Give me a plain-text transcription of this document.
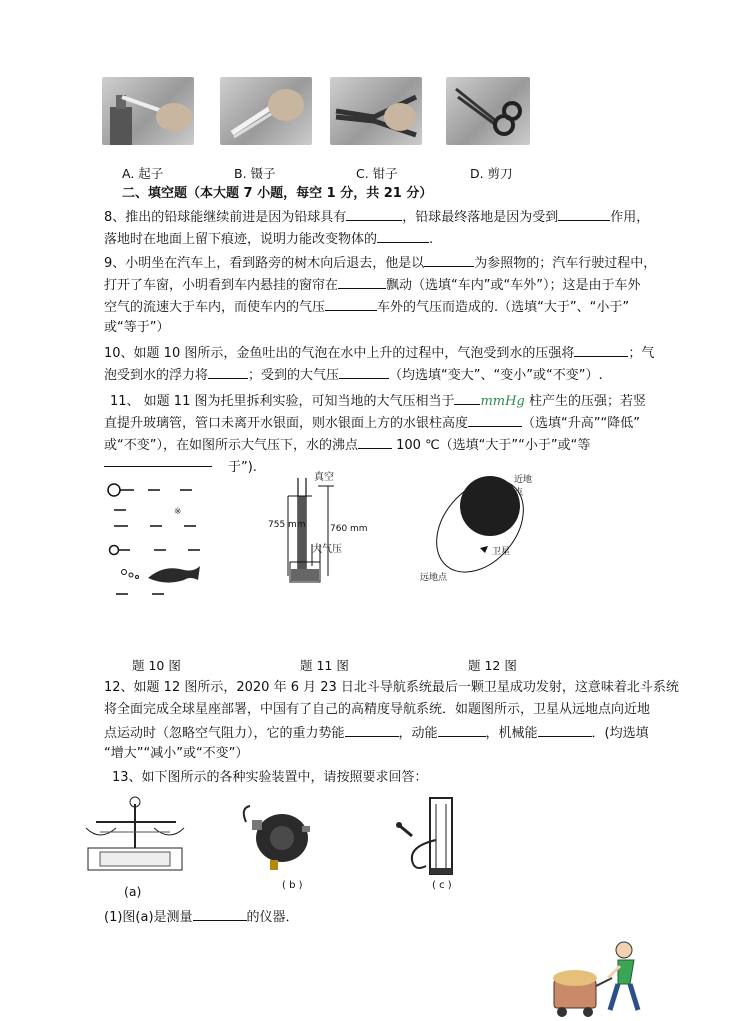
A. 起子	B. 镊子	C. 钳子	D. 剪刀
二、填空题（本大题 7 小题，每空 1 分，共 21 分）
8、推出的铅球能继续前进是因为铅球具有	，铅球最终落地是因为受到	作用，
落地时在地面上留下痕迹，说明力能改变物体的	.
9、小明坐在汽车上，看到路旁的树木向后退去，他是以	为参照物的；汽车行驶过程中，
打开了车窗，小明看到车内悬挂的窗帘在	飘动（选填“车内”或“车外”）；这是由于车外
空气的流速大于车内，而使车内的气压	车外的气压而造成的.（选填“大于”、“小于”
或“等于”）
10、如题 10 图所示，金鱼吐出的气泡在水中上升的过程中，气泡受到水的压强将	；气
泡受到水的浮力将	；受到的大气压	（均选填“变大”、“变小”或“不变”）.
11、 如题 11 图为托里拆利实验，可知当地的大气压相当于 mmHg 柱产生的压强；若竖
直提升玻璃管，管口未离开水银面，则水银面上方的水银柱高度	（选填“升高”“降低”
或“不变”），在如图所示大气压下，水的沸点	100 ℃（选填“大于”“小于”或“等
于”).
※
真空
755 mm	760 mm
大气压
近地点
卫星
远地点
题 10 图	题 11 图	题 12 图
12、如题 12 图所示，2020 年 6 月 23 日北斗导航系统最后一颗卫星成功发射，这意味着北斗系统
将全面完成全球星座部署，中国有了自己的高精度导航系统．如题图所示，卫星从远地点向近地
点运动时（忽略空气阻力），它的重力势能	，动能	，机械能	．(均选填
“增大”“减小”或“不变”）
13、如下图所示的各种实验装置中，请按照要求回答：
(a)	( b )	( c )
(1)图(a)是测量	的仪器．
